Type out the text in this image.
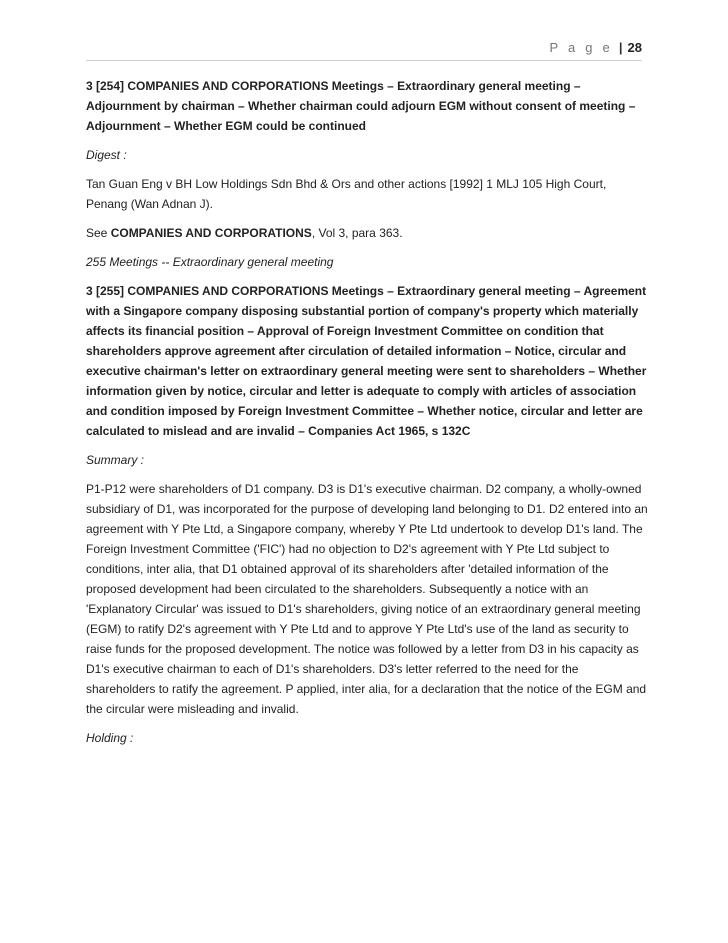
P a g e | 28

3 [254] COMPANIES AND CORPORATIONS Meetings – Extraordinary general meeting – Adjournment by chairman – Whether chairman could adjourn EGM without consent of meeting – Adjournment – Whether EGM could be continued

Digest :

Tan Guan Eng v BH Low Holdings Sdn Bhd & Ors and other actions [1992] 1 MLJ 105 High Court, Penang (Wan Adnan J).

See COMPANIES AND CORPORATIONS, Vol 3, para 363.

255 Meetings -- Extraordinary general meeting

3 [255] COMPANIES AND CORPORATIONS Meetings – Extraordinary general meeting – Agreement with a Singapore company disposing substantial portion of company's property which materially affects its financial position – Approval of Foreign Investment Committee on condition that shareholders approve agreement after circulation of detailed information – Notice, circular and executive chairman's letter on extraordinary general meeting were sent to shareholders – Whether information given by notice, circular and letter is adequate to comply with articles of association and condition imposed by Foreign Investment Committee – Whether notice, circular and letter are calculated to mislead and are invalid – Companies Act 1965, s 132C

Summary :

P1-P12 were shareholders of D1 company. D3 is D1's executive chairman. D2 company, a wholly-owned subsidiary of D1, was incorporated for the purpose of developing land belonging to D1. D2 entered into an agreement with Y Pte Ltd, a Singapore company, whereby Y Pte Ltd undertook to develop D1's land. The Foreign Investment Committee ('FIC') had no objection to D2's agreement with Y Pte Ltd subject to conditions, inter alia, that D1 obtained approval of its shareholders after 'detailed information of the proposed development had been circulated to the shareholders. Subsequently a notice with an 'Explanatory Circular' was issued to D1's shareholders, giving notice of an extraordinary general meeting (EGM) to ratify D2's agreement with Y Pte Ltd and to approve Y Pte Ltd's use of the land as security to raise funds for the proposed development. The notice was followed by a letter from D3 in his capacity as D1's executive chairman to each of D1's shareholders. D3's letter referred to the need for the shareholders to ratify the agreement. P applied, inter alia, for a declaration that the notice of the EGM and the circular were misleading and invalid.

Holding :
